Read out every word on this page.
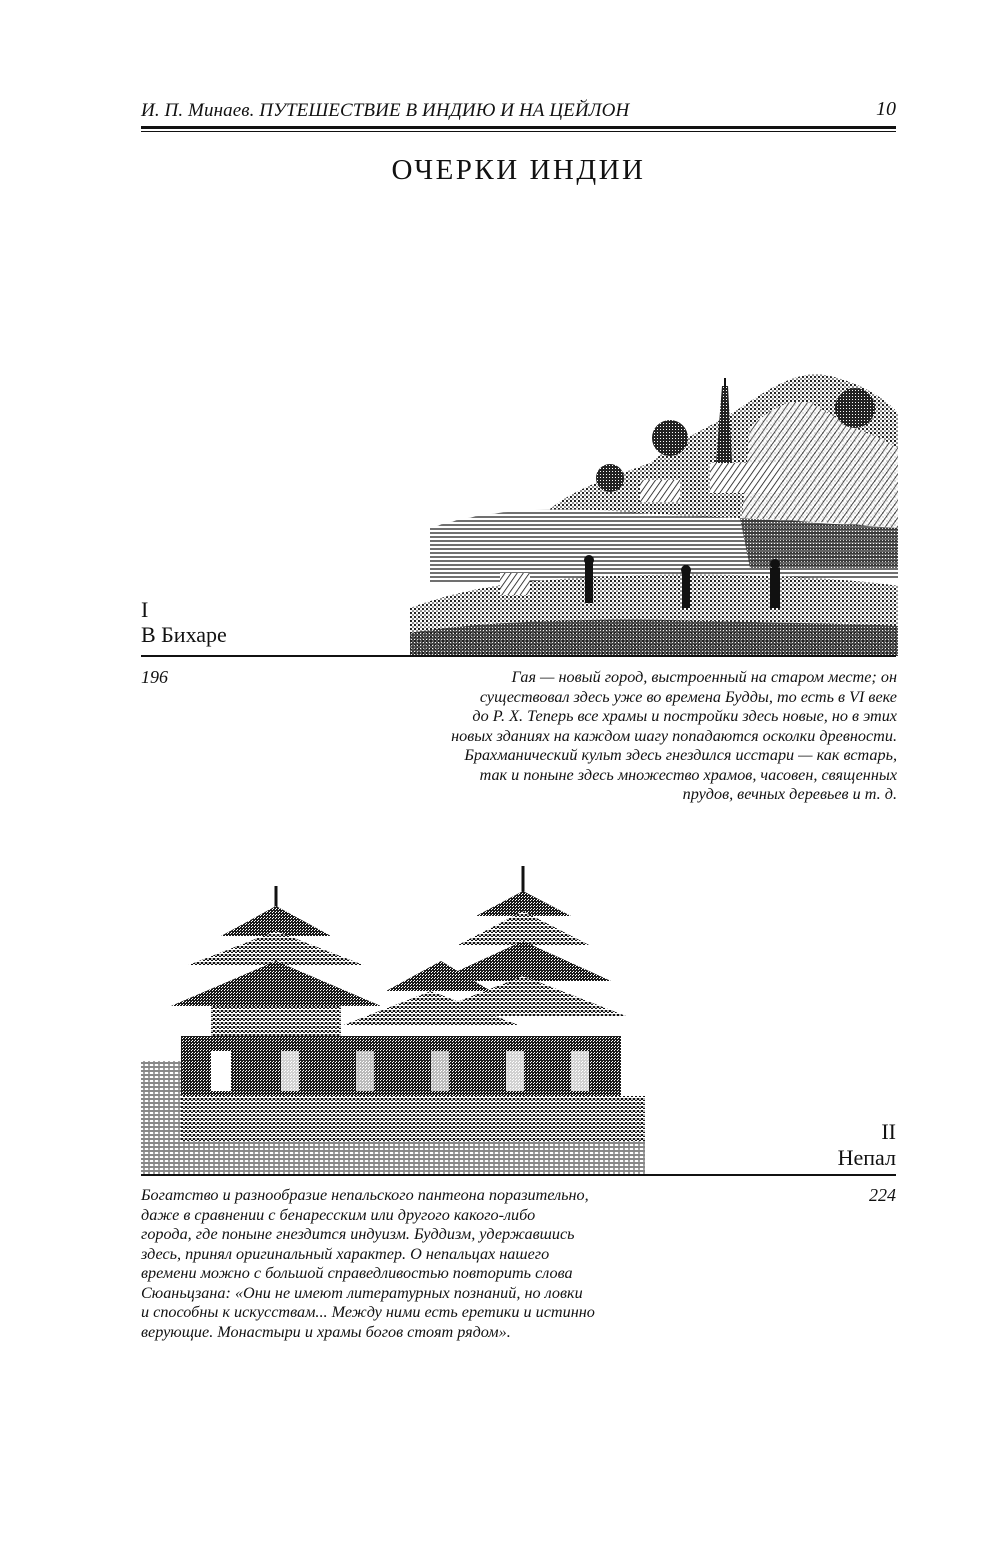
И. П. Минаев. ПУТЕШЕСТВИЕ В ИНДИЮ И НА ЦЕЙЛОН	10
ОЧЕРКИ ИНДИИ
I
В Бихаре
196	Гая — новый город, выстроенный на старом месте; он
существовал здесь уже во времена Будды, то есть в VI веке
до Р. Х. Теперь все храмы и постройки здесь новые, но в этих
новых зданиях на каждом шагу попадаются осколки древности.
Брахманический культ здесь гнездился исстари — как встарь,
так и поныне здесь множество храмов, часовен, священных
прудов, вечных деревьев и т. д.
II
Непал
224
Богатство и разнообразие непальского пантеона поразительно,
даже в сравнении с бенаресским или другого какого-либо
города, где поныне гнездится индуизм. Буддизм, удержавшись
здесь, принял оригинальный характер. О непальцах нашего
времени можно с большой справедливостью повторить слова
Сюаньцзана: «Они не имеют литературных познаний, но ловки
и способны к искусствам... Между ними есть еретики и истинно
верующие. Монастыри и храмы богов стоят рядом».
